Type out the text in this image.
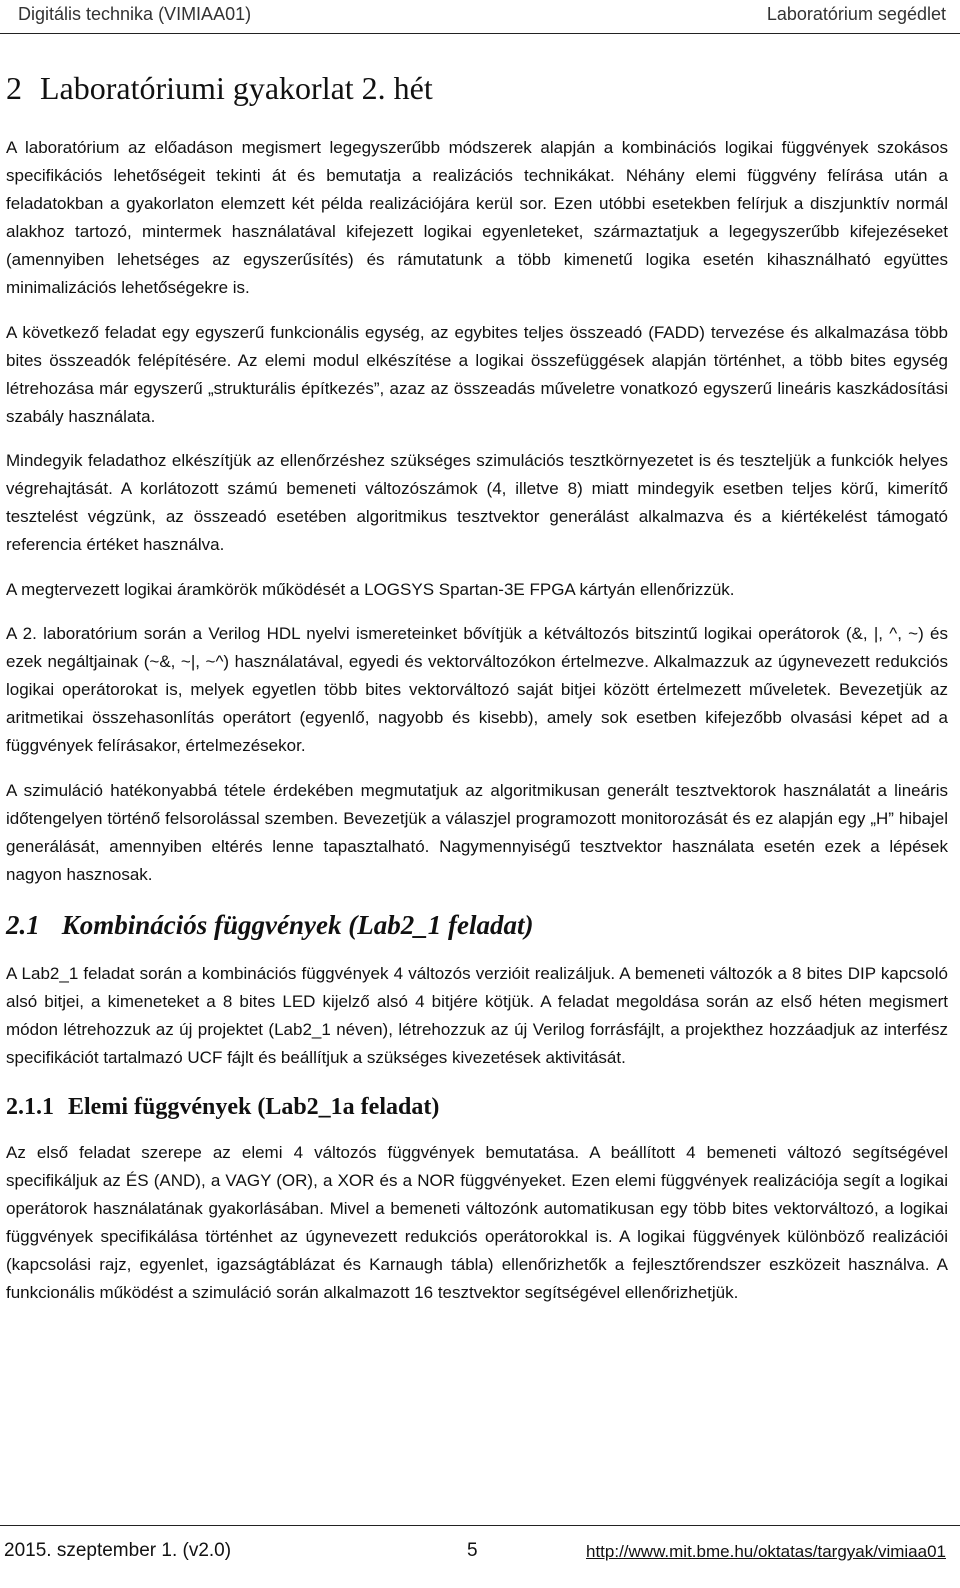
Digitális technika (VIMIAA01)	Laboratórium segédlet
2 Laboratóriumi gyakorlat 2. hét

A laboratórium az előadáson megismert legegyszerűbb módszerek alapján a kombinációs logikai függvények szokásos specifikációs lehetőségeit tekinti át és bemutatja a realizációs technikákat. Néhány elemi függvény felírása után a feladatokban a gyakorlaton elemzett két példa realizációjára kerül sor. Ezen utóbbi esetekben felírjuk a diszjunktív normál alakhoz tartozó, mintermek használatával kifejezett logikai egyenleteket, származtatjuk a legegyszerűbb kifejezéseket (amennyiben lehetséges az egyszerűsítés) és rámutatunk a több kimenetű logika esetén kihasználható együttes minimalizációs lehetőségekre is.

A következő feladat egy egyszerű funkcionális egység, az egybites teljes összeadó (FADD) tervezése és alkalmazása több bites összeadók felépítésére. Az elemi modul elkészítése a logikai összefüggések alapján történhet, a több bites egység létrehozása már egyszerű „strukturális építkezés”, azaz az összeadás műveletre vonatkozó egyszerű lineáris kaszkádosítási szabály használata.

Mindegyik feladathoz elkészítjük az ellenőrzéshez szükséges szimulációs tesztkörnyezetet is és teszteljük a funkciók helyes végrehajtását. A korlátozott számú bemeneti változószámok (4, illetve 8) miatt mindegyik esetben teljes körű, kimerítő tesztelést végzünk, az összeadó esetében algoritmikus tesztvektor generálást alkalmazva és a kiértékelést támogató referencia értéket használva.

A megtervezett logikai áramkörök működését a LOGSYS Spartan-3E FPGA kártyán ellenőrizzük.

A 2. laboratórium során a Verilog HDL nyelvi ismereteinket bővítjük a kétváltozós bitszintű logikai operátorok (&, |, ^, ~) és ezek negáltjainak (~&, ~|, ~^) használatával, egyedi és vektorváltozókon értelmezve. Alkalmazzuk az úgynevezett redukciós logikai operátorokat is, melyek egyetlen több bites vektorváltozó saját bitjei között értelmezett műveletek. Bevezetjük az aritmetikai összehasonlítás operátort (egyenlő, nagyobb és kisebb), amely sok esetben kifejezőbb olvasási képet ad a függvények felírásakor, értelmezésekor.

A szimuláció hatékonyabbá tétele érdekében megmutatjuk az algoritmikusan generált tesztvektorok használatát a lineáris időtengelyen történő felsorolással szemben. Bevezetjük a válaszjel programozott monitorozását és ez alapján egy „H” hibajel generálását, amennyiben eltérés lenne tapasztalható. Nagymennyiségű tesztvektor használata esetén ezek a lépések nagyon hasznosak.

2.1 Kombinációs függvények (Lab2_1 feladat)

A Lab2_1 feladat során a kombinációs függvények 4 változós verzióit realizáljuk. A bemeneti változók a 8 bites DIP kapcsoló alsó bitjei, a kimeneteket a 8 bites LED kijelző alsó 4 bitjére kötjük. A feladat megoldása során az első héten megismert módon létrehozzuk az új projektet (Lab2_1 néven), létrehozzuk az új Verilog forrásfájlt, a projekthez hozzáadjuk az interfész specifikációt tartalmazó UCF fájlt és beállítjuk a szükséges kivezetések aktivitását.

2.1.1 Elemi függvények (Lab2_1a feladat)

Az első feladat szerepe az elemi 4 változós függvények bemutatása. A beállított 4 bemeneti változó segítségével specifikáljuk az ÉS (AND), a VAGY (OR), a XOR és a NOR függvényeket. Ezen elemi függvények realizációja segít a logikai operátorok használatának gyakorlásában. Mivel a bemeneti változónk automatikusan egy több bites vektorváltozó, a logikai függvények specifikálása történhet az úgynevezett redukciós operátorokkal is. A logikai függvények különböző realizációi (kapcsolási rajz, egyenlet, igazságtáblázat és Karnaugh tábla) ellenőrizhetők a fejlesztőrendszer eszközeit használva. A funkcionális működést a szimuláció során alkalmazott 16 tesztvektor segítségével ellenőrizhetjük.

2015. szeptember 1. (v2.0)	5	http://www.mit.bme.hu/oktatas/targyak/vimiaa01
